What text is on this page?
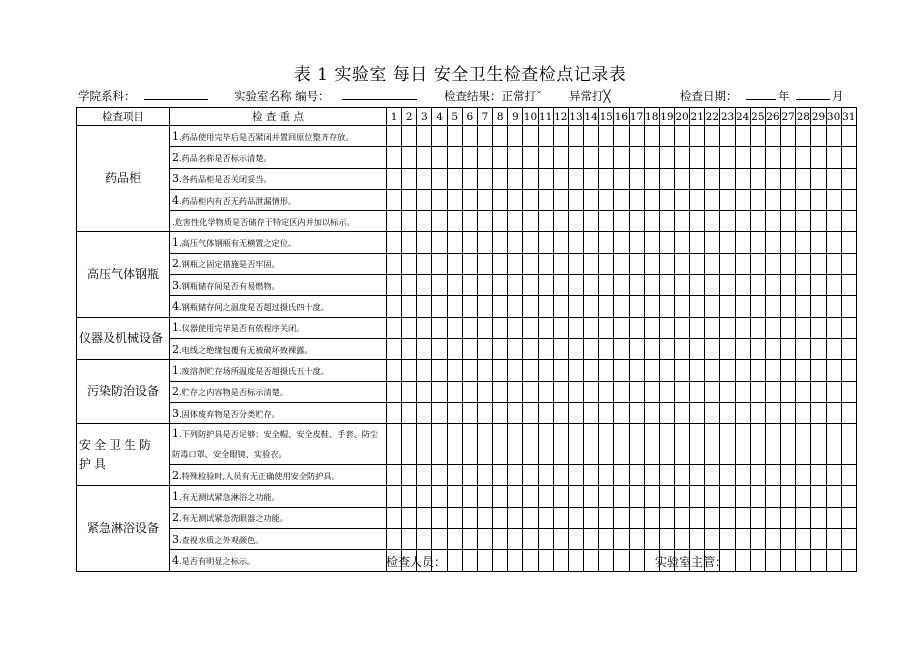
表 1 实验室 每日 安全卫生检查检点记录表
学院系科：	实验室名称 编号：	检查结果：正常打ˇ 异常打╳	检查日期：	年	月
检查项目	检 查 重 点	1	2	3	4	5	6	7	8	9	10	11	12	13	14	15	16	17	18	19	20	21	22	23	24	25	26	27	28	29	30	31
药品柜	1.药品使用完毕后是否紧闭并置回原位整齐存放。																															
	2.药品名称是否标示清楚。																															
	3.各药品柜是否关闭妥当。																															
	4.药品柜内有否无药品泄漏情形。																															
	.危害性化学物质是否储存于特定区内并加以标示。																															
高压气体钢瓶	1.高压气体钢瓶有无横置之定位。																															
	2.钢瓶之固定措施是否牢固。																															
	3.钢瓶储存间是否有易燃物。																															
	4.钢瓶储存间之温度是否超过摄氏四十度。																															
仪器及机械设备	1.仪器使用完毕是否有依程序关闭。																															
	2.电线之绝缘包覆有无被破坏致裸露。																															
污染防治设备	1.废溶剂贮存场所温度是否超摄氏五十度。																															
	2.贮存之内容物是否标示清楚。																															
	3.固体废弃物是否分类贮存。																															
安全卫生防护具	1.下列防护具是否足够：安全帽、安全皮鞋、手套、防尘防毒口罩、安全眼镜、实验衣。																															
	2.特殊检验时,人员有无正确使用安全防护具。																															
紧急淋浴设备	1.有无测试紧急淋浴之功能。																															
	2.有无测试紧急洗眼器之功能。																															
	3.查视水质之外观颜色。																															
	4.是否有明显之标示。																																检查人员：	实验室主管：
